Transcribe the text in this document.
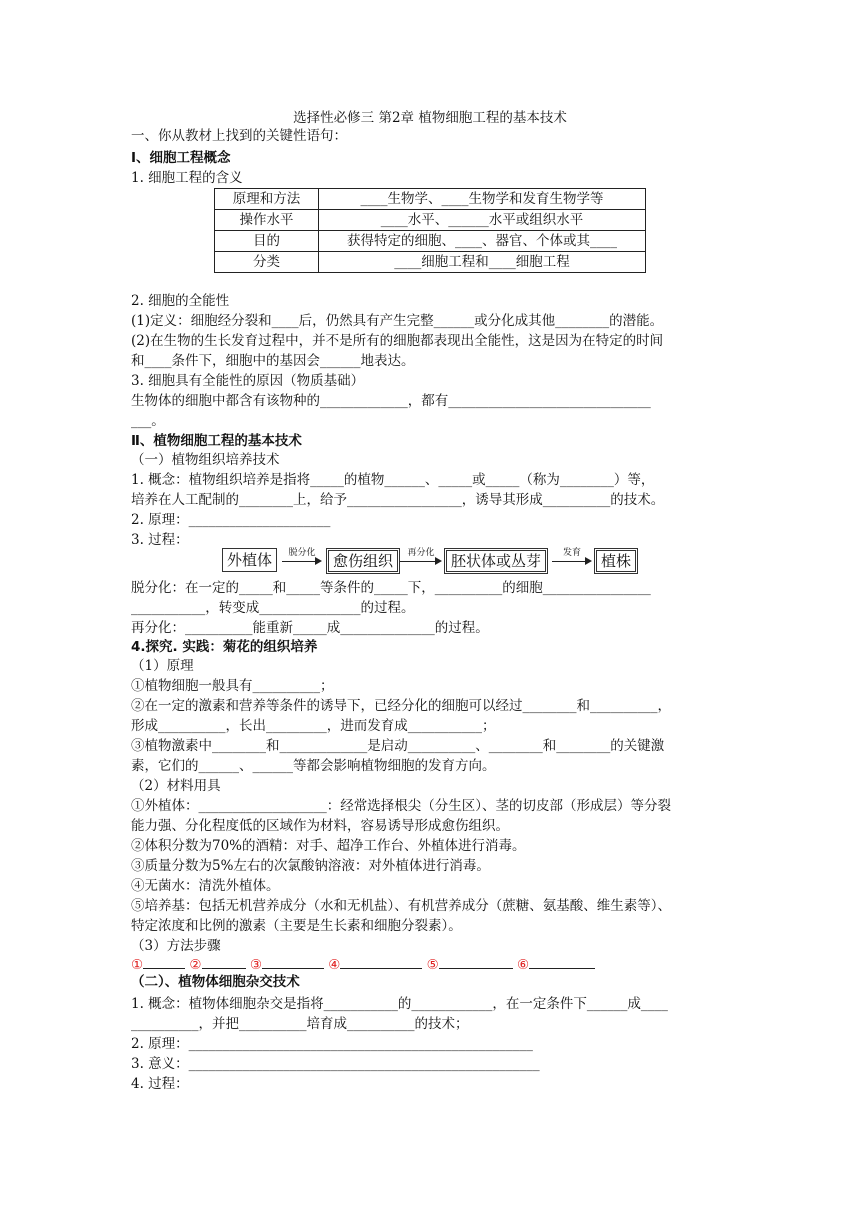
选择性必修三 第2章 植物细胞工程的基本技术
一、你从教材上找到的关键性语句：
Ⅰ、细胞工程概念
1. 细胞工程的含义
原理和方法	____生物学、____生物学和发育生物学等
操作水平	____水平、______水平或组织水平
目的	获得特定的细胞、____、器官、个体或其____
分类	____细胞工程和____细胞工程
2. 细胞的全能性
(1)定义：细胞经分裂和____后，仍然具有产生完整______或分化成其他________的潜能。
(2)在生物的生长发育过程中，并不是所有的细胞都表现出全能性，这是因为在特定的时间
和____条件下，细胞中的基因会______地表达。
3. 细胞具有全能性的原因（物质基础）
生物体的细胞中都含有该物种的_____________，都有______________________________
___。
Ⅱ、植物细胞工程的基本技术
（一）植物组织培养技术
1. 概念：植物组织培养是指将_____的植物______、_____或_____（称为________）等，
培养在人工配制的________上，给予_________________，诱导其形成__________的技术。
2. 原理：_____________________
3. 过程：
外植体	脱分化	愈伤组织	再分化	胚状体或丛芽	发育	植株
脱分化：在一定的_____和_____等条件的_____下，__________的细胞________________
___________，转变成_______________的过程。
再分化：__________能重新_____成______________的过程。
4.探究. 实践：菊花的组织培养
（1）原理
①植物细胞一般具有__________；
②在一定的激素和营养等条件的诱导下，已经分化的细胞可以经过________和__________，
形成__________，长出_________，进而发育成___________；
③植物激素中________和_____________是启动__________、________和________的关键激
素，它们的______、______等都会影响植物细胞的发育方向。
（2）材料用具
①外植体：___________________：经常选择根尖（分生区）、茎的切皮部（形成层）等分裂
能力强、分化程度低的区域作为材料，容易诱导形成愈伤组织。
②体积分数为70%的酒精：对手、超净工作台、外植体进行消毒。
③质量分数为5%左右的次氯酸钠溶液：对外植体进行消毒。
④无菌水：清洗外植体。
⑤培养基：包括无机营养成分（水和无机盐）、有机营养成分（蔗糖、氨基酸、维生素等）、
特定浓度和比例的激素（主要是生长素和细胞分裂素）。
（3）方法步骤
①	②	③	④	⑤	⑥
（二）、植物体细胞杂交技术
1. 概念：植物体细胞杂交是指将___________的____________，在一定条件下______成____
__________，并把__________培育成__________的技术；
2. 原理：___________________________________________________
3. 意义：____________________________________________________
4. 过程：
